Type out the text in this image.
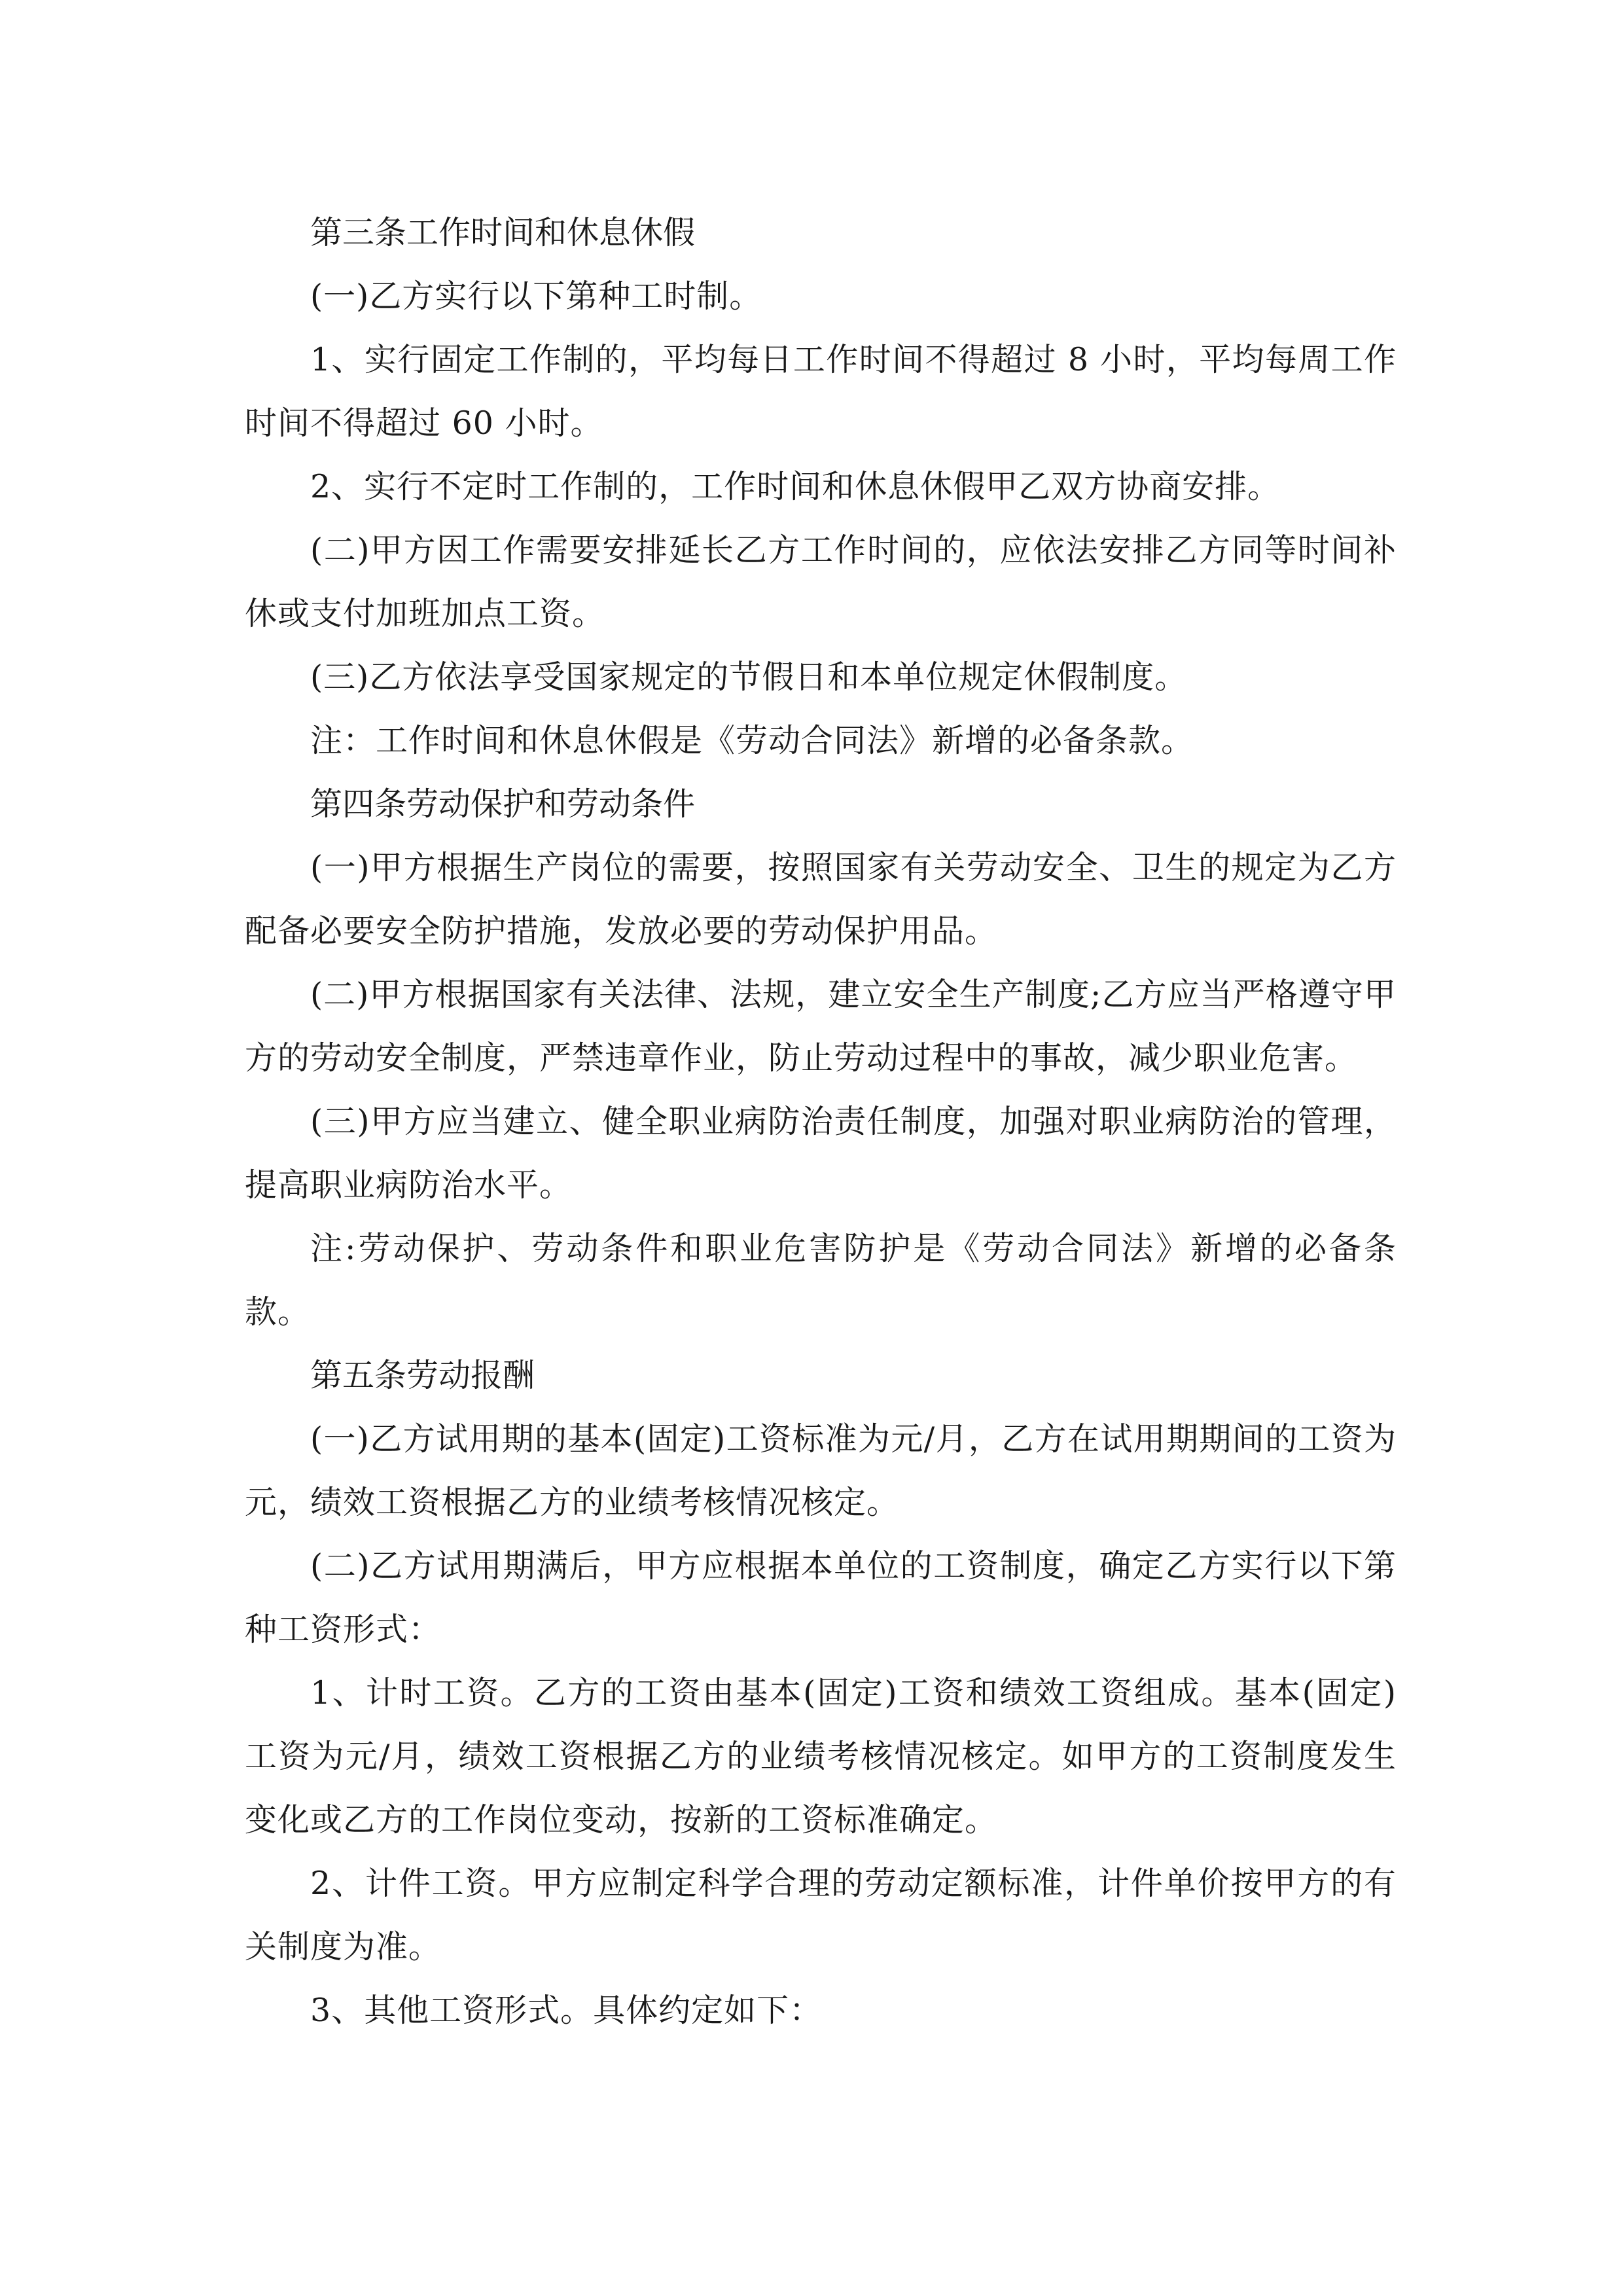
第三条工作时间和休息休假

(一)乙方实行以下第种工时制。

1、实行固定工作制的，平均每日工作时间不得超过 8 小时，平均每周工作时间不得超过 60 小时。

2、实行不定时工作制的，工作时间和休息休假甲乙双方协商安排。

(二)甲方因工作需要安排延长乙方工作时间的，应依法安排乙方同等时间补休或支付加班加点工资。

(三)乙方依法享受国家规定的节假日和本单位规定休假制度。

注：工作时间和休息休假是《劳动合同法》新增的必备条款。

第四条劳动保护和劳动条件

(一)甲方根据生产岗位的需要，按照国家有关劳动安全、卫生的规定为乙方配备必要安全防护措施，发放必要的劳动保护用品。

(二)甲方根据国家有关法律、法规，建立安全生产制度;乙方应当严格遵守甲方的劳动安全制度，严禁违章作业，防止劳动过程中的事故，减少职业危害。

(三)甲方应当建立、健全职业病防治责任制度，加强对职业病防治的管理，提高职业病防治水平。

注:劳动保护、劳动条件和职业危害防护是《劳动合同法》新增的必备条款。

第五条劳动报酬

(一)乙方试用期的基本(固定)工资标准为元/月，乙方在试用期期间的工资为元，绩效工资根据乙方的业绩考核情况核定。

(二)乙方试用期满后，甲方应根据本单位的工资制度，确定乙方实行以下第种工资形式：

1、计时工资。乙方的工资由基本(固定)工资和绩效工资组成。基本(固定)工资为元/月，绩效工资根据乙方的业绩考核情况核定。如甲方的工资制度发生变化或乙方的工作岗位变动，按新的工资标准确定。

2、计件工资。甲方应制定科学合理的劳动定额标准，计件单价按甲方的有关制度为准。

3、其他工资形式。具体约定如下：
